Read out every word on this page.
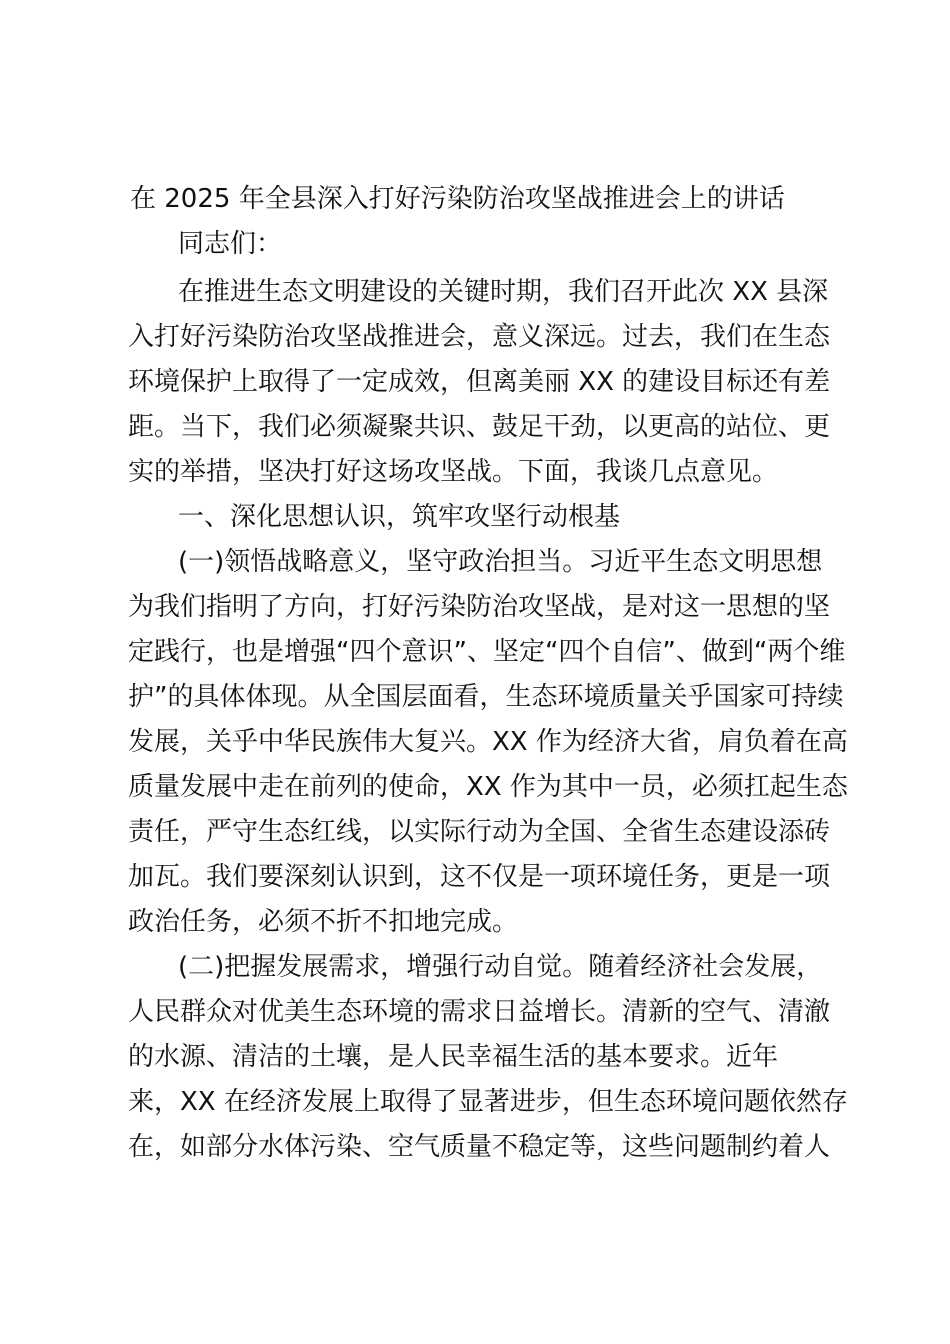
在 2025 年全县深入打好污染防治攻坚战推进会上的讲话

同志们：

在推进生态文明建设的关键时期，我们召开此次 XX 县深

入打好污染防治攻坚战推进会，意义深远。过去，我们在生态

环境保护上取得了一定成效，但离美丽 XX 的建设目标还有差

距。当下，我们必须凝聚共识、鼓足干劲，以更高的站位、更

实的举措，坚决打好这场攻坚战。下面，我谈几点意见。

一、深化思想认识，筑牢攻坚行动根基

(一)领悟战略意义，坚守政治担当。习近平生态文明思想

为我们指明了方向，打好污染防治攻坚战，是对这一思想的坚

定践行，也是增强“四个意识”、坚定“四个自信”、做到“两个维

护”的具体体现。从全国层面看，生态环境质量关乎国家可持续

发展，关乎中华民族伟大复兴。XX 作为经济大省，肩负着在高

质量发展中走在前列的使命，XX 作为其中一员，必须扛起生态

责任，严守生态红线，以实际行动为全国、全省生态建设添砖

加瓦。我们要深刻认识到，这不仅是一项环境任务，更是一项

政治任务，必须不折不扣地完成。

(二)把握发展需求，增强行动自觉。随着经济社会发展，

人民群众对优美生态环境的需求日益增长。清新的空气、清澈

的水源、清洁的土壤，是人民幸福生活的基本要求。近年

来，XX 在经济发展上取得了显著进步，但生态环境问题依然存

在，如部分水体污染、空气质量不稳定等，这些问题制约着人
